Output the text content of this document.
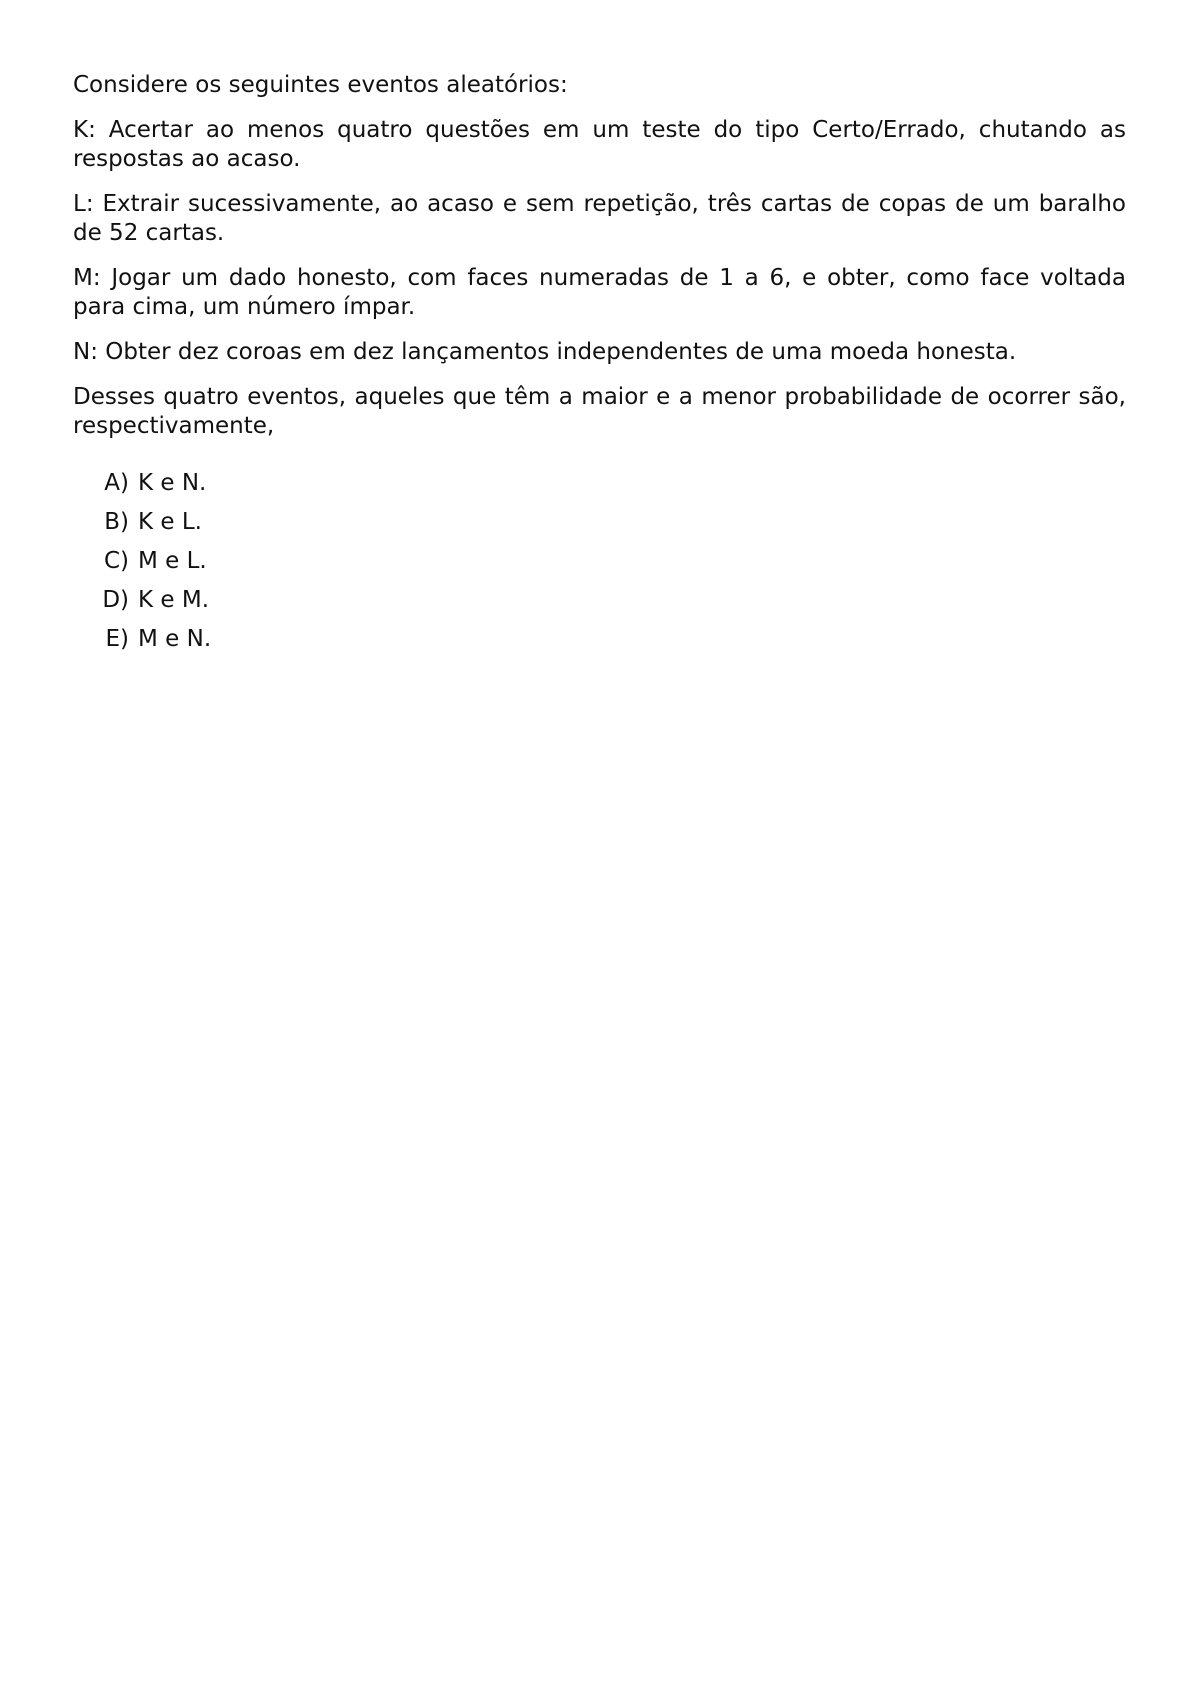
Considere os seguintes eventos aleatórios:

K: Acertar ao menos quatro questões em um teste do tipo Certo/Errado, chutando as respostas ao acaso.

L: Extrair sucessivamente, ao acaso e sem repetição, três cartas de copas de um baralho de 52 cartas.

M: Jogar um dado honesto, com faces numeradas de 1 a 6, e obter, como face voltada para cima, um número ímpar.

N: Obter dez coroas em dez lançamentos independentes de uma moeda honesta.

Desses quatro eventos, aqueles que têm a maior e a menor probabilidade de ocorrer são, respectivamente,

A) K e N.
B) K e L.
C) M e L.
D) K e M.
E) M e N.
